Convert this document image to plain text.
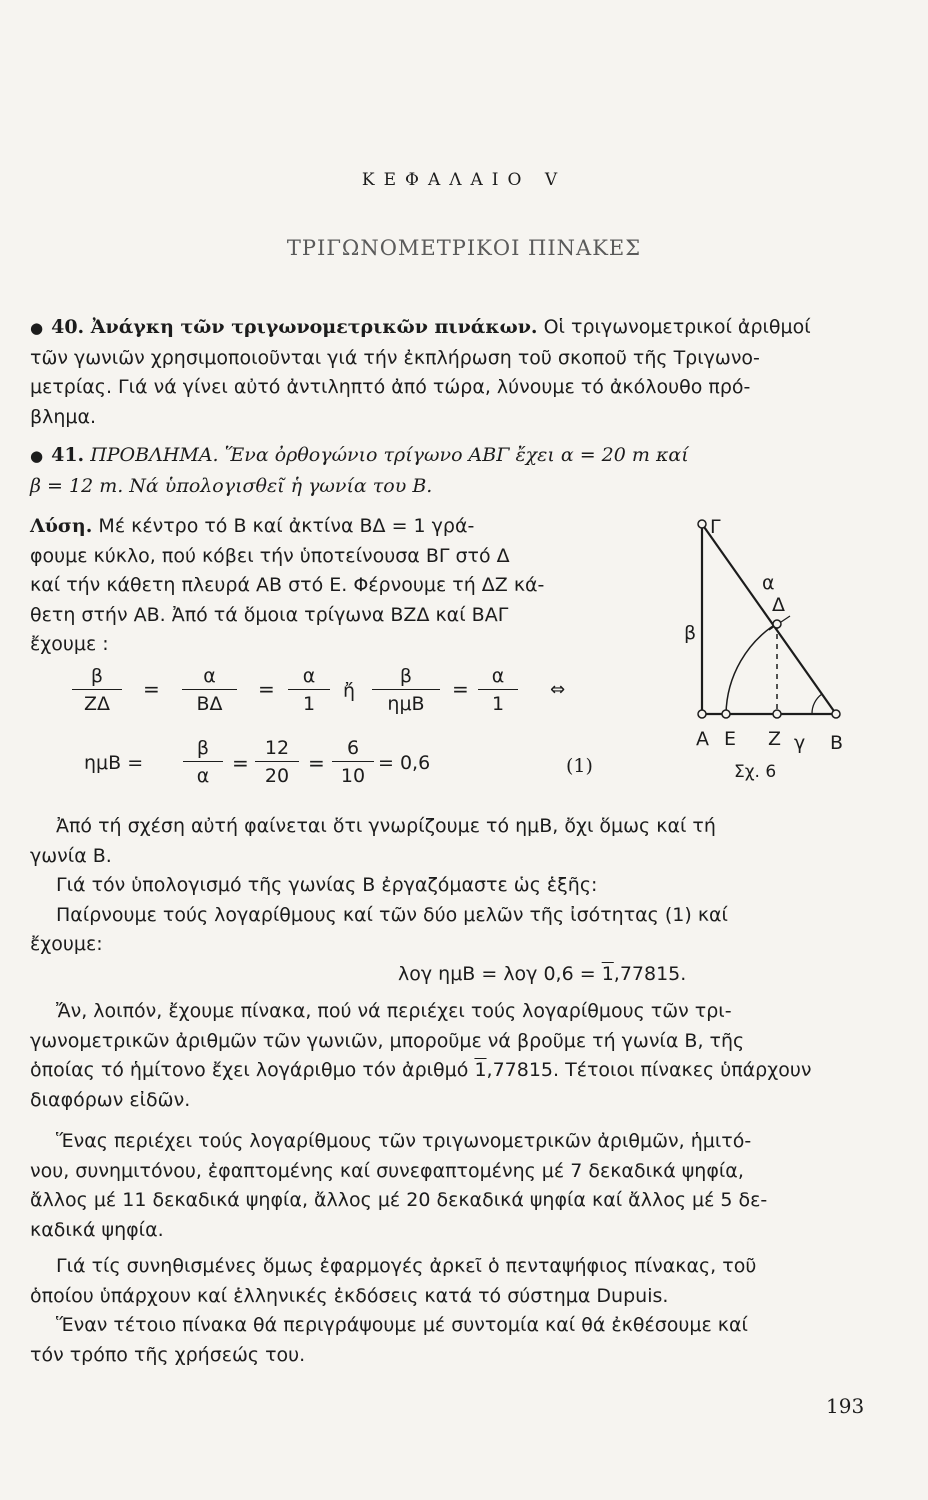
ΚΕΦΑΛΑΙΟ V
ΤΡΙΓΩΝΟΜΕΤΡΙΚΟΙ ΠΙΝΑΚΕΣ
● 40. Ἀνάγκη τῶν τριγωνομετρικῶν πινάκων. Οἱ τριγωνομετρικοί ἀριθμοί
τῶν γωνιῶν χρησιμοποιοῦνται γιά τήν ἐκπλήρωση τοῦ σκοποῦ τῆς Τριγωνο-
μετρίας. Γιά νά γίνει αὐτό ἀντιληπτό ἀπό τώρα, λύνουμε τό ἀκόλουθο πρό-
βλημα.
● 41. ΠΡΟΒΛΗΜΑ. Ἕνα ὀρθογώνιο τρίγωνο ΑΒΓ ἔχει α = 20 m καί
β = 12 m. Νά ὑπολογισθεῖ ἡ γωνία του Β.
Λύση. Μέ κέντρο τό Β καί ἀκτίνα ΒΔ = 1 γρά-
φουμε κύκλο, πού κόβει τήν ὑποτείνουσα ΒΓ στό Δ
καί τήν κάθετη πλευρά ΑΒ στό Ε. Φέρνουμε τή ΔΖ κά-
θετη στήν ΑΒ. Ἀπό τά ὅμοια τρίγωνα ΒΖΔ καί ΒΑΓ
ἔχουμε :
$\frac{\beta}{Z\Delta} = \frac{\alpha}{B\Delta} = \frac{\alpha}{1}$ ἤ
β
ημΒ
= $\frac{\alpha}{1}$ ⇔
$\eta\mu B = \frac{\beta}{\alpha} = \frac{12}{20} = \frac{6}{10} = 0,6$	(1)
Γ
α
Δ
β
Α Ε Ζ γ Β
Σχ. 6
Ἀπό τή σχέση αὐτή φαίνεται ὅτι γνωρίζουμε τό ημΒ, ὄχι ὅμως καί τή
γωνία Β.
Γιά τόν ὑπολογισμό τῆς γωνίας Β ἐργαζόμαστε ὡς ἑξῆς:
Παίρνουμε τούς λογαρίθμους καί τῶν δύο μελῶν τῆς ἰσότητας (1) καί
ἔχουμε:
λογ ημΒ = λογ 0,6 = 1,77815.
Ἄν, λοιπόν, ἔχουμε πίνακα, πού νά περιέχει τούς λογαρίθμους τῶν τρι-
γωνομετρικῶν ἀριθμῶν τῶν γωνιῶν, μποροῦμε νά βροῦμε τή γωνία Β, τῆς
ὁποίας τό ἡμίτονο ἔχει λογάριθμο τόν ἀριθμό 1,77815. Τέτοιοι πίνακες ὑπάρχουν
διαφόρων εἰδῶν.
Ἕνας περιέχει τούς λογαρίθμους τῶν τριγωνομετρικῶν ἀριθμῶν, ἡμιτό-
νου, συνημιτόνου, ἐφαπτομένης καί συνεφαπτομένης μέ 7 δεκαδικά ψηφία,
ἄλλος μέ 11 δεκαδικά ψηφία, ἄλλος μέ 20 δεκαδικά ψηφία καί ἄλλος μέ 5 δε-
καδικά ψηφία.
Γιά τίς συνηθισμένες ὅμως ἐφαρμογές ἀρκεῖ ὁ πενταψήφιος πίνακας, τοῦ
ὁποίου ὑπάρχουν καί ἑλληνικές ἐκδόσεις κατά τό σύστημα Dupuis.
Ἕναν τέτοιο πίνακα θά περιγράψουμε μέ συντομία καί θά ἐκθέσουμε καί
τόν τρόπο τῆς χρήσεώς του.
193
